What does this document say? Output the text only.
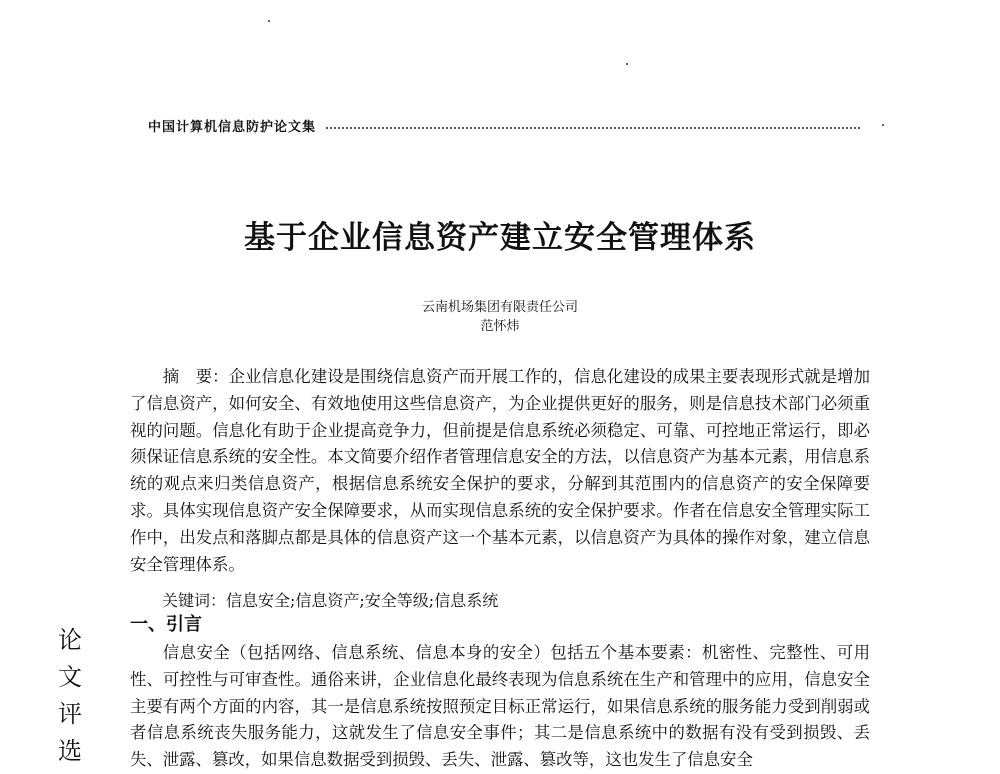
中国计算机信息防护论文集
基于企业信息资产建立安全管理体系
云南机场集团有限责任公司
范怀炜

摘　要：企业信息化建设是围绕信息资产而开展工作的，信息化建设的成果主要表现形式就是增加了信息资产，如何安全、有效地使用这些信息资产，为企业提供更好的服务，则是信息技术部门必须重视的问题。信息化有助于企业提高竞争力，但前提是信息系统必须稳定、可靠、可控地正常运行，即必须保证信息系统的安全性。本文简要介绍作者管理信息安全的方法，以信息资产为基本元素，用信息系统的观点来归类信息资产，根据信息系统安全保护的要求，分解到其范围内的信息资产的安全保障要求。具体实现信息资产安全保障要求，从而实现信息系统的安全保护要求。作者在信息安全管理实际工作中，出发点和落脚点都是具体的信息资产这一个基本元素，以信息资产为具体的操作对象，建立信息安全管理体系。

关键词：信息安全;信息资产;安全等级;信息系统
一、引言

信息安全（包括网络、信息系统、信息本身的安全）包括五个基本要素：机密性、完整性、可用性、可控性与可审查性。通俗来讲，企业信息化最终表现为信息系统在生产和管理中的应用，信息安全主要有两个方面的内容，其一是信息系统按照预定目标正常运行，如果信息系统的服务能力受到削弱或者信息系统丧失服务能力，这就发生了信息安全事件；其二是信息系统中的数据有没有受到损毁、丢失、泄露、篡改，如果信息数据受到损毁、丢失、泄露、篡改等，这也发生了信息安全

论
文
评
选
